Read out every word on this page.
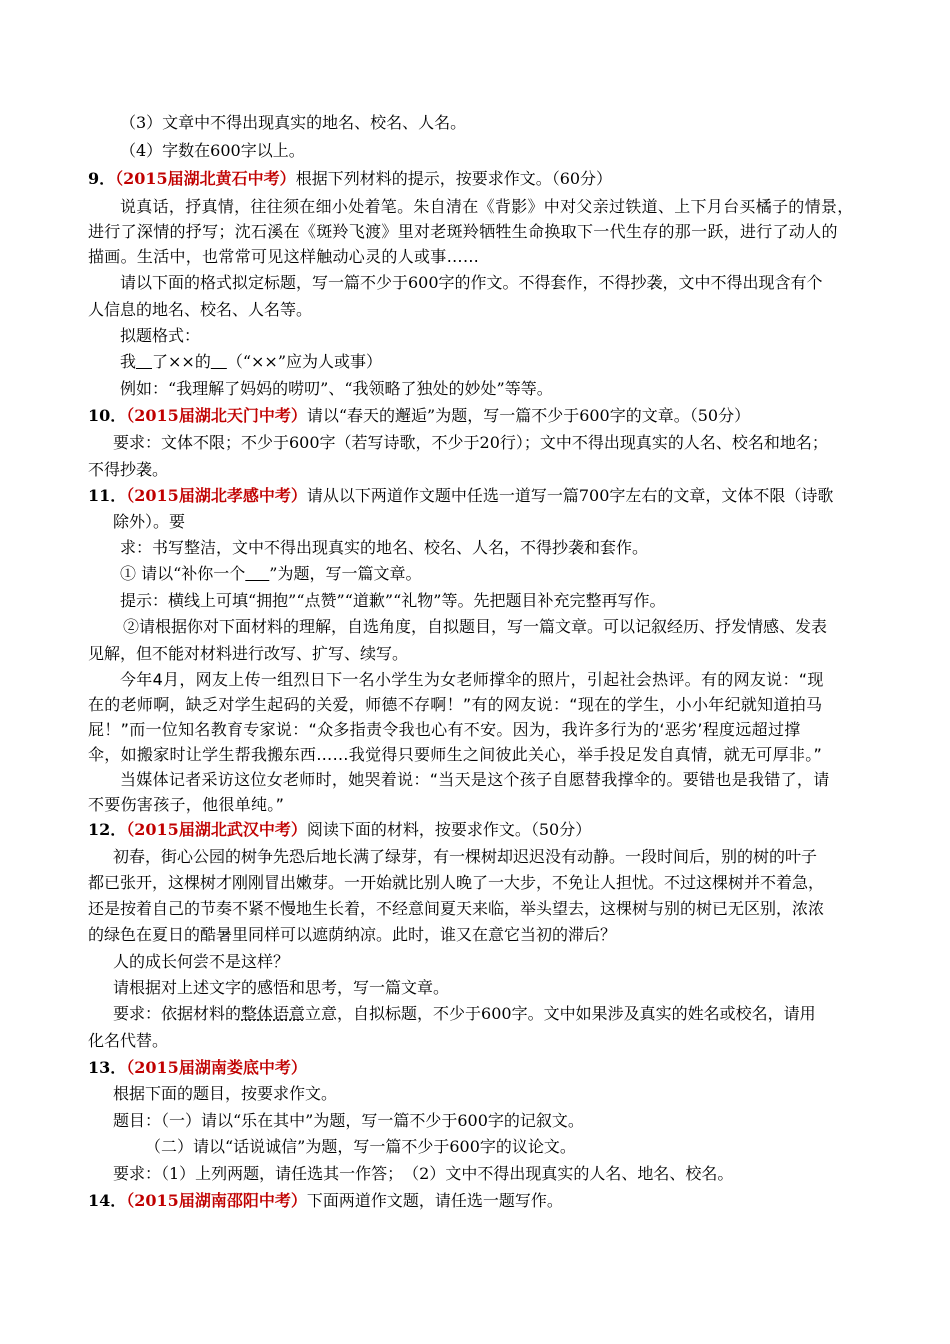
（3）文章中不得出现真实的地名、校名、人名。
（4）字数在600字以上。
9．（2015届湖北黄石中考）根据下列材料的提示，按要求作文。（60分）
说真话，抒真情，往往须在细小处着笔。朱自清在《背影》中对父亲过铁道、上下月台买橘子的情景，
进行了深情的抒写；沈石溪在《斑羚飞渡》里对老斑羚牺牲生命换取下一代生存的那一跃，进行了动人的
描画。生活中，也常常可见这样触动心灵的人或事……
请以下面的格式拟定标题，写一篇不少于600字的作文。不得套作，不得抄袭，文中不得出现含有个
人信息的地名、校名、人名等。
拟题格式：
我   了××的   （“××”应为人或事）
例如：“我理解了妈妈的唠叨”、“我领略了独处的妙处”等等。
10．（2015届湖北天门中考）请以“春天的邂逅”为题，写一篇不少于600字的文章。（50分）
要求：文体不限；不少于600字（若写诗歌，不少于20行）；文中不得出现真实的人名、校名和地名；
不得抄袭。
11．（2015届湖北孝感中考）请从以下两道作文题中任选一道写一篇700字左右的文章，文体不限（诗歌
除外）。要
求：书写整洁，文中不得出现真实的地名、校名、人名，不得抄袭和套作。
① 请以“补你一个    ”为题，写一篇文章。
提示：横线上可填“拥抱”“点赞”“道歉”“礼物”等。先把题目补充完整再写作。
②请根据你对下面材料的理解，自选角度，自拟题目，写一篇文章。可以记叙经历、抒发情感、发表
见解，但不能对材料进行改写、扩写、续写。
今年4月，网友上传一组烈日下一名小学生为女老师撑伞的照片，引起社会热评。有的网友说：“现
在的老师啊，缺乏对学生起码的关爱，师德不存啊！”有的网友说：“现在的学生，小小年纪就知道拍马
屁！”而一位知名教育专家说：“众多指责令我也心有不安。因为，我许多行为的‘恶劣’程度远超过撑
伞，如搬家时让学生帮我搬东西……我觉得只要师生之间彼此关心，举手投足发自真情，就无可厚非。”
当媒体记者采访这位女老师时，她哭着说：“当天是这个孩子自愿替我撑伞的。要错也是我错了，请
不要伤害孩子，他很单纯。”
12．（2015届湖北武汉中考）阅读下面的材料，按要求作文。（50分）
初春，街心公园的树争先恐后地长满了绿芽，有一棵树却迟迟没有动静。一段时间后，别的树的叶子
都已张开，这棵树才刚刚冒出嫩芽。一开始就比别人晚了一大步，不免让人担忧。不过这棵树并不着急，
还是按着自己的节奏不紧不慢地生长着，不经意间夏天来临，举头望去，这棵树与别的树已无区别，浓浓
的绿色在夏日的酷暑里同样可以遮荫纳凉。此时，谁又在意它当初的滞后？
人的成长何尝不是这样？
请根据对上述文字的感悟和思考，写一篇文章。
要求：依据材料的整体语意立意，自拟标题，不少于600字。文中如果涉及真实的姓名或校名，请用
化名代替。
13．（2015届湖南娄底中考）
根据下面的题目，按要求作文。
题目：（一）请以“乐在其中”为题，写一篇不少于600字的记叙文。
（二）请以“话说诚信”为题，写一篇不少于600字的议论文。
要求：（1）上列两题，请任选其一作答；　（2）文中不得出现真实的人名、地名、校名。
14．（2015届湖南邵阳中考）下面两道作文题，请任选一题写作。
